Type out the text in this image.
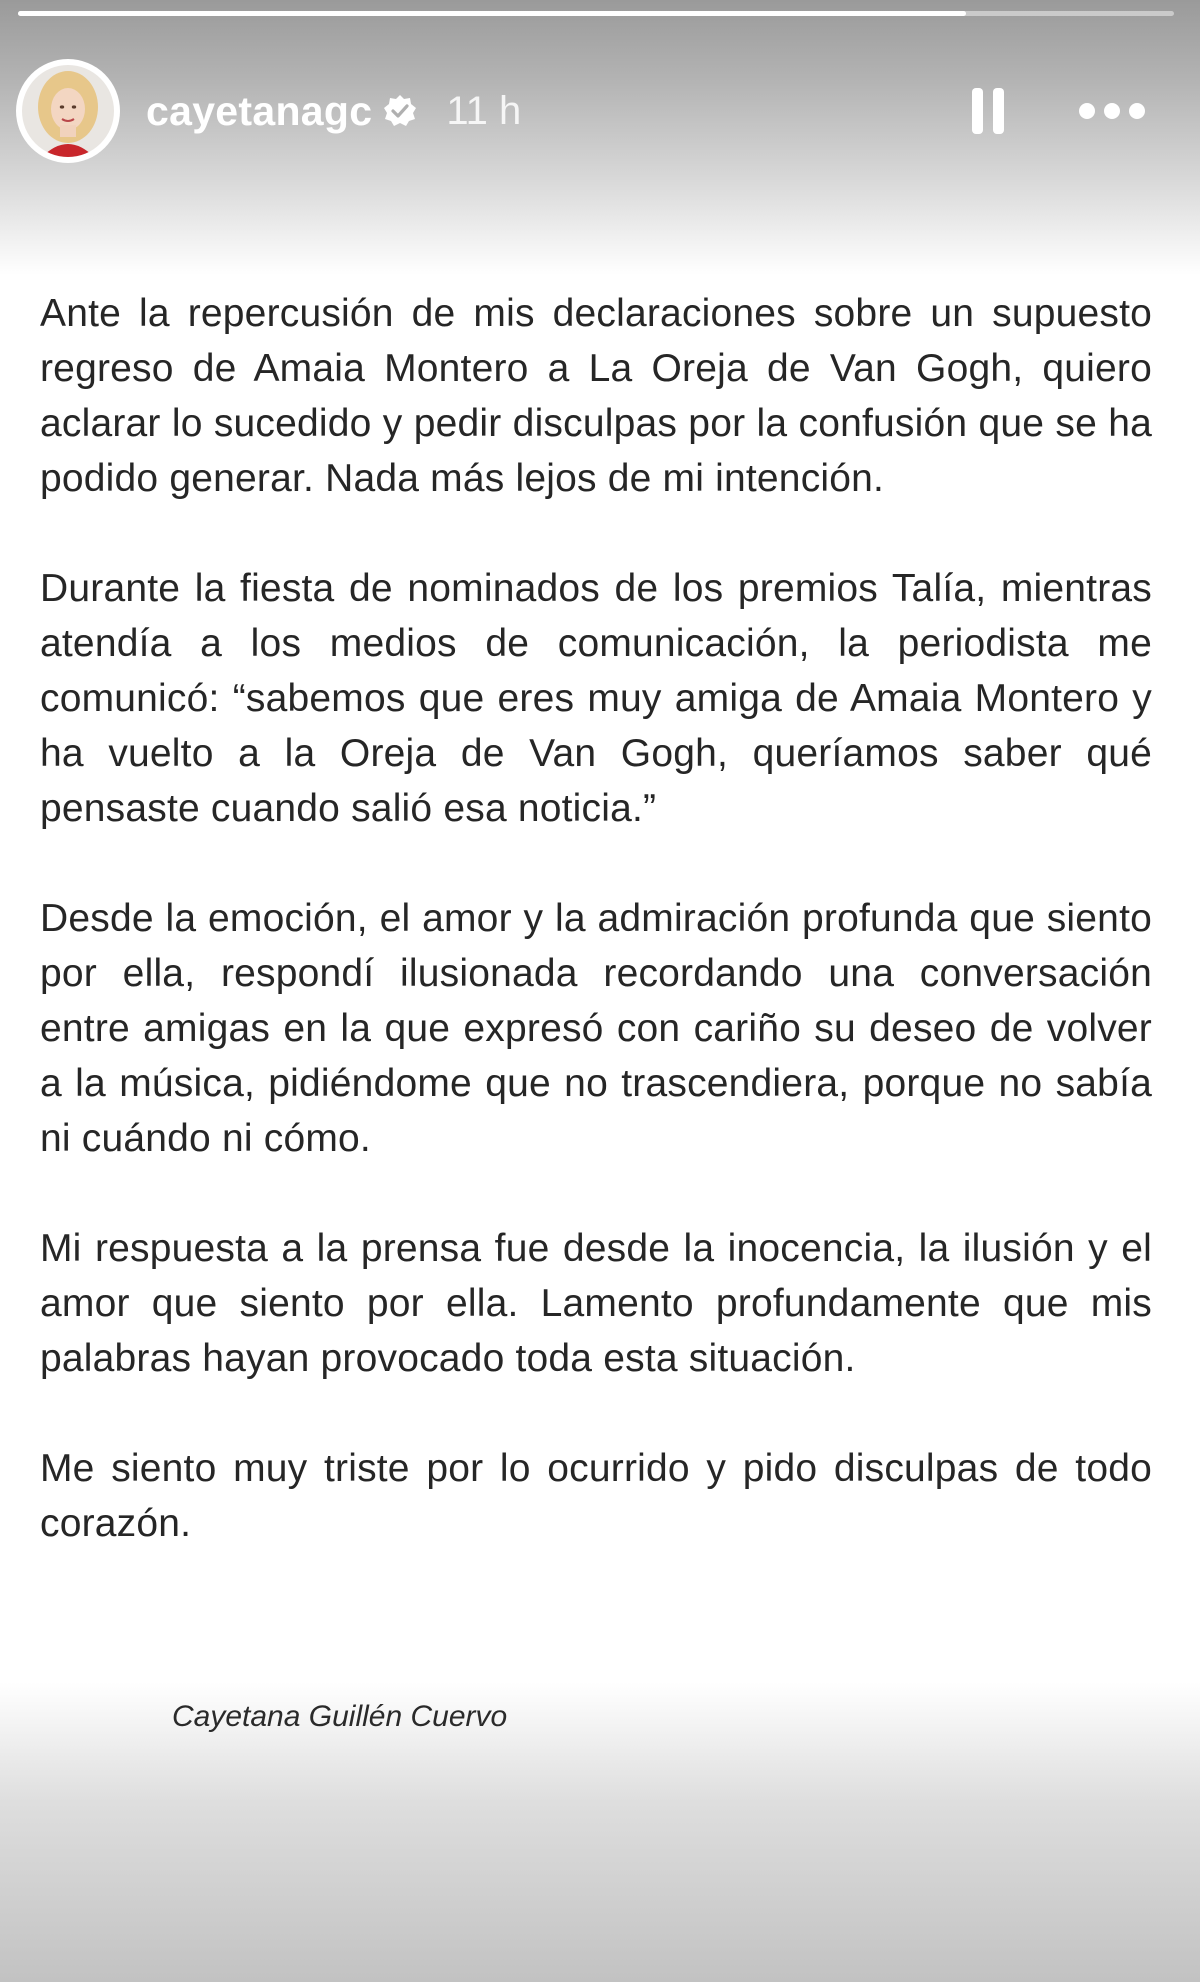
cayetanagc 11 h

Ante la repercusión de mis declaraciones sobre un supuesto regreso de Amaia Montero a La Oreja de Van Gogh, quiero aclarar lo sucedido y pedir disculpas por la confusión que se ha podido generar. Nada más lejos de mi intención.

Durante la fiesta de nominados de los premios Talía, mientras atendía a los medios de comunicación, la periodista me comunicó: “sabemos que eres muy amiga de Amaia Montero y ha vuelto a la Oreja de Van Gogh, queríamos saber qué pensaste cuando salió esa noticia.”

Desde la emoción, el amor y la admiración profunda que siento por ella, respondí ilusionada recordando una conversación entre amigas en la que expresó con cariño su deseo de volver a la música, pidiéndome que no trascendiera, porque no sabía ni cuándo ni cómo.

Mi respuesta a la prensa fue desde la inocencia, la ilusión y el amor que siento por ella. Lamento profundamente que mis palabras hayan provocado toda esta situación.

Me siento muy triste por lo ocurrido y pido disculpas de todo corazón.

Cayetana Guillén Cuervo
